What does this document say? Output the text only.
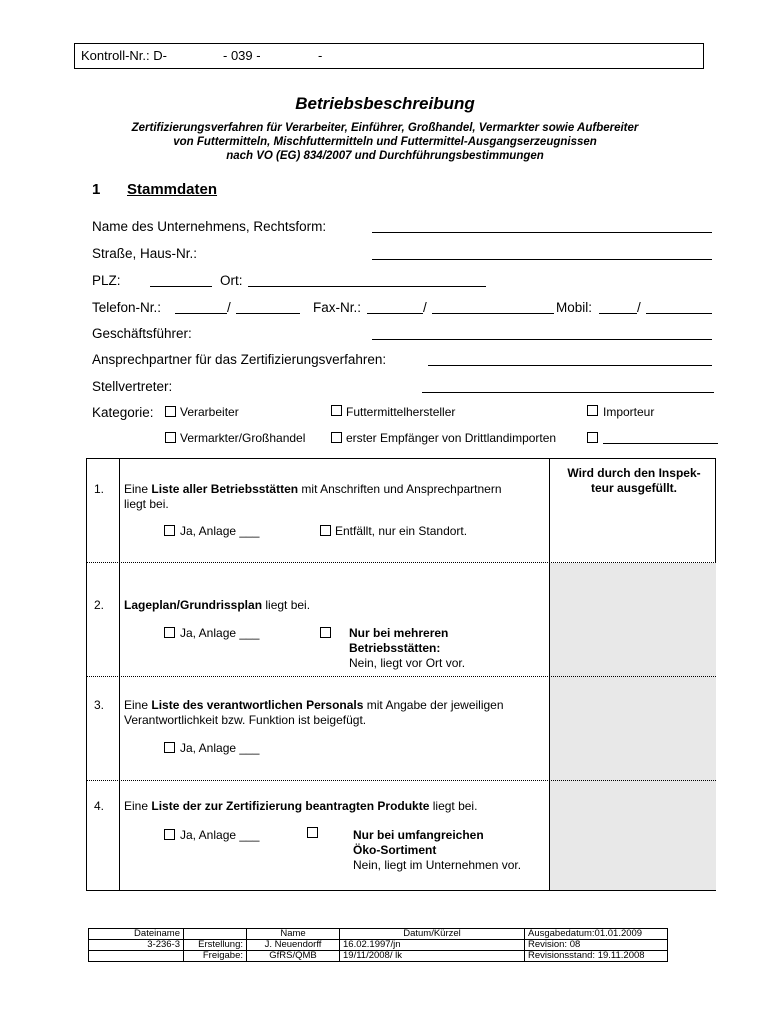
Kontroll-Nr.: D-	- 039 -	-
Betriebsbeschreibung
Zertifizierungsverfahren für Verarbeiter, Einführer, Großhandel, Vermarkter sowie Aufbereiter
von Futtermitteln, Mischfuttermitteln und Futtermittel-Ausgangserzeugnissen
nach VO (EG) 834/2007 und Durchführungsbestimmungen
1 Stammdaten
Name des Unternehmens, Rechtsform:
Straße, Haus-Nr.:
PLZ:	Ort:
Telefon-Nr.:	/	Fax-Nr.:	/	Mobil:	/
Geschäftsführer:
Ansprechpartner für das Zertifizierungsverfahren:
Stellvertreter:
Kategorie: Verarbeiter	Futtermittelhersteller	Importeur
Vermarkter/Großhandel	erster Empfänger von Drittlandimporten
Wird durch den Inspek-
teur ausgefüllt.
1. Eine Liste aller Betriebsstätten mit Anschriften und Ansprechpartnern
liegt bei.
Ja, Anlage ___	Entfällt, nur ein Standort.
2. Lageplan/Grundrissplan liegt bei.
Ja, Anlage ___	Nur bei mehreren
Betriebsstätten:
Nein, liegt vor Ort vor.
3. Eine Liste des verantwortlichen Personals mit Angabe der jeweiligen
Verantwortlichkeit bzw. Funktion ist beigefügt.
Ja, Anlage ___
4. Eine Liste der zur Zertifizierung beantragten Produkte liegt bei.
Ja, Anlage ___	Nur bei umfangreichen
Öko-Sortiment
Nein, liegt im Unternehmen vor.
Dateiname		Name	Datum/Kürzel	Ausgabedatum:01.01.2009
3-236-3	Erstellung:	J. Neuendorff	16.02.1997/jn	Revision: 08
	Freigabe:	GfRS/QMB	19/11/2008/ lk	Revisionsstand: 19.11.2008
